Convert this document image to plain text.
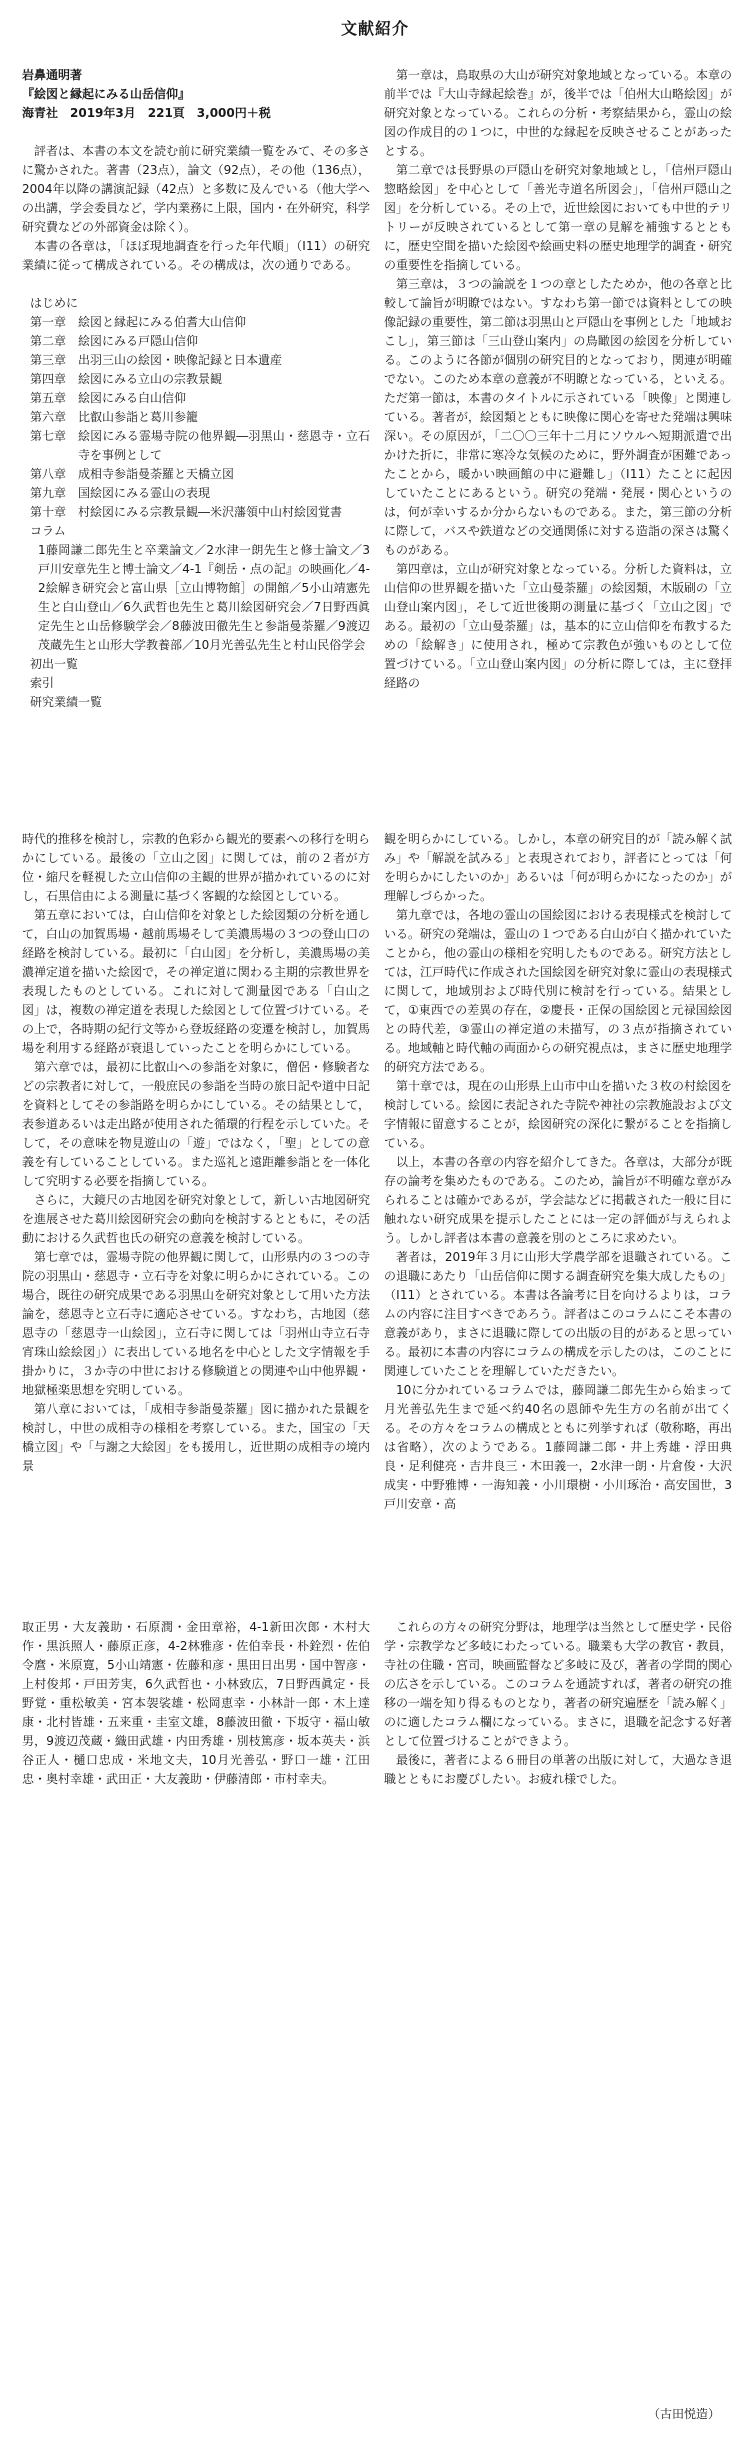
文献紹介

岩鼻通明著

『絵図と縁起にみる山岳信仰』

海青社　2019年3月　221頁　3,000円＋税

評者は、本書の本文を読む前に研究業績一覧をみて、その多さに驚かされた。著書（23点），論文（92点），その他（136点），2004年以降の講演記録（42点）と多数に及んでいる（他大学への出講，学会委員など，学内業務に上限，国内・在外研究，科学研究費などの外部資金は除く）。

本書の各章は，「ほぼ現地調査を行った年代順」（Ⅰ11）の研究業績に従って構成されている。その構成は，次の通りである。

はじめに
第一章 絵図と縁起にみる伯耆大山信仰
第二章 絵図にみる戸隠山信仰
第三章 出羽三山の絵図・映像記録と日本遺産
第四章 絵図にみる立山の宗教景観
第五章 絵図にみる白山信仰
第六章 比叡山参詣と葛川参籠
第七章 絵図にみる霊場寺院の他界観―羽黒山・慈恩寺・立石寺を事例として
第八章 成相寺参詣曼荼羅と天橋立図
第九章 国絵図にみる霊山の表現
第十章 村絵図にみる宗教景観―米沢藩領中山村絵図覚書
コラム
1藤岡謙二郎先生と卒業論文／2水津一朗先生と修士論文／3戸川安章先生と博士論文／4-1『剣岳・点の記』の映画化／4-2絵解き研究会と富山県［立山博物館］の開館／5小山靖憲先生と白山登山／6久武哲也先生と葛川絵図研究会／7日野西眞定先生と山岳修験学会／8藤波田徹先生と参詣曼荼羅／9渡辺茂蔵先生と山形大学教養部／10月光善弘先生と村山民俗学会
初出一覧
索引
研究業績一覧

第一章は，鳥取県の大山が研究対象地域となっている。本章の前半では『大山寺縁起絵巻』が，後半では「伯州大山略絵図」が研究対象となっている。これらの分析・考察結果から，霊山の絵図の作成目的の１つに，中世的な縁起を反映させることがあったとする。

第二章では長野県の戸隠山を研究対象地域とし，「信州戸隠山惣略絵図」を中心として「善光寺道名所図会」，「信州戸隠山之図」を分析している。その上で，近世絵図においても中世的テリトリーが反映されているとして第一章の見解を補強するとともに，歴史空間を描いた絵図や絵画史料の歴史地理学的調査・研究の重要性を指摘している。

第三章は，３つの論説を１つの章としたためか，他の各章と比較して論旨が明瞭ではない。すなわち第一節では資料としての映像記録の重要性，第二節は羽黒山と戸隠山を事例とした「地域おこし」，第三節は「三山登山案内」の鳥瞰図の絵図を分析している。このように各節が個別の研究目的となっており，関連が明確でない。このため本章の意義が不明瞭となっている，といえる。ただ第一節は，本書のタイトルに示されている「映像」と関連している。著者が，絵図類とともに映像に関心を寄せた発端は興味深い。その原因が，「二〇〇三年十二月にソウルへ短期派遣で出かけた折に，非常に寒冷な気候のために，野外調査が困難であったことから，暖かい映画館の中に避難し」（Ⅰ11）たことに起因していたことにあるという。研究の発端・発展・関心というのは，何が幸いするか分からないものである。また，第三節の分析に際して，バスや鉄道などの交通関係に対する造詣の深さは驚くものがある。

第四章は，立山が研究対象となっている。分析した資料は，立山信仰の世界観を描いた「立山曼荼羅」の絵図類，木版刷の「立山登山案内図」，そして近世後期の測量に基づく「立山之図」である。最初の「立山曼荼羅」は，基本的に立山信仰を布教するための「絵解き」に使用され，極めて宗教色が強いものとして位置づけている。「立山登山案内図」の分析に際しては，主に登拝経路の

時代的推移を検討し，宗教的色彩から観光的要素への移行を明らかにしている。最後の「立山之図」に関しては，前の２者が方位・縮尺を軽視した立山信仰の主観的世界が描かれているのに対し，石黒信由による測量に基づく客観的な絵図としている。

第五章においては，白山信仰を対象とした絵図類の分析を通して，白山の加賀馬場・越前馬場そして美濃馬場の３つの登山口の経路を検討している。最初に「白山図」を分析し，美濃馬場の美濃禅定道を描いた絵図で，その禅定道に関わる主期的宗教世界を表現したものとしている。これに対して測量図である「白山之図」は，複数の禅定道を表現した絵図として位置づけている。その上で，各時期の紀行文等から登坂経路の変遷を検討し，加賀馬場を利用する経路が衰退していったことを明らかにしている。

第六章では，最初に比叡山への参詣を対象に，僧侶・修験者などの宗教者に対して，一般庶民の参詣を当時の旅日記や道中日記を資料としてその参詣路を明らかにしている。その結果として，表参道あるいは走出路が使用された循環的行程を示していた。そして，その意味を物見遊山の「遊」ではなく，「聖」としての意義を有していることしている。また巡礼と遠距離参詣とを一体化して究明する必要を指摘している。

さらに，大鏡尺の古地図を研究対象として，新しい古地図研究を進展させた葛川絵図研究会の動向を検討するとともに，その活動における久武哲也氏の研究の意義を検討している。

第七章では，霊場寺院の他界観に関して，山形県内の３つの寺院の羽黒山・慈恩寺・立石寺を対象に明らかにされている。この場合，既往の研究成果である羽黒山を研究対象として用いた方法論を，慈恩寺と立石寺に適応させている。すなわち，古地図（慈恩寺の「慈恩寺一山絵図」，立石寺に関しては「羽州山寺立石寺宵珠山絵絵図」）に表出している地名を中心とした文字情報を手掛かりに，３か寺の中世における修験道との関連や山中他界観・地獄極楽思想を究明している。

第八章においては，「成相寺参詣曼荼羅」図に描かれた景観を検討し，中世の成相寺の様相を考察している。また，国宝の「天橋立図」や「与謝之大絵図」をも援用し，近世期の成相寺の境内景

観を明らかにしている。しかし，本章の研究目的が「読み解く試み」や「解説を試みる」と表現されており，評者にとっては「何を明らかにしたいのか」あるいは「何が明らかになったのか」が理解しづらかった。

第九章では，各地の霊山の国絵図における表現様式を検討している。研究の発端は，霊山の１つである白山が白く描かれていたことから，他の霊山の様相を究明したものである。研究方法としては，江戸時代に作成された国絵図を研究対象に霊山の表現様式に関して，地域別および時代別に検討を行っている。結果として，①東西での差異の存在，②慶長・正保の国絵図と元禄国絵図との時代差，③霊山の禅定道の未描写，の３点が指摘されている。地域軸と時代軸の両面からの研究視点は，まさに歴史地理学的研究方法である。

第十章では，現在の山形県上山市中山を描いた３枚の村絵図を検討している。絵図に表記された寺院や神社の宗教施設および文字情報に留意することが，絵図研究の深化に繋がることを指摘している。

以上，本書の各章の内容を紹介してきた。各章は，大部分が既存の論考を集めたものである。このため，論旨が不明確な章がみられることは確かであるが，学会誌などに掲載された一般に目に触れない研究成果を提示したことには一定の評価が与えられよう。しかし評者は本書の意義を別のところに求めたい。

著者は，2019年３月に山形大学農学部を退職されている。この退職にあたり「山岳信仰に関する調査研究を集大成したもの」（Ⅰ11）とされている。本書は各論考に目を向けるよりは，コラムの内容に注目すべきであろう。評者はこのコラムにこそ本書の意義があり，まさに退職に際しての出版の目的があると思っている。最初に本書の内容にコラムの構成を示したのは，このことに関連していたことを理解していただきたい。

10に分かれているコラムでは，藤岡謙二郎先生から始まって月光善弘先生まで延べ約40名の恩師や先生方の名前が出てくる。その方々をコラムの構成とともに列挙すれば（敬称略，再出は省略），次のようである。1藤岡謙二郎・井上秀雄・浮田典良・足利健亮・吉井良三・木田義一，2水津一朗・片倉俊・大沢成実・中野雅博・一海知義・小川環樹・小川琢治・高安国世，3戸川安章・高

取正男・大友義助・石原潤・金田章裕，4-1新田次郎・木村大作・黒浜照人・藤原正彦，4-2林雅彦・佐伯幸長・朴銓烈・佐伯令麿・米原寛，5小山靖憲・佐藤和彦・黒田日出男・国中智彦・上村俊邦・戸田芳実，6久武哲也・小林致広，7日野西眞定・長野覚・重松敏美・宮本袈裟雄・松岡恵幸・小林計一郎・木上達康・北村皆雄・五来重・圭室文雄，8藤波田徹・下坂守・福山敏男，9渡辺茂蔵・織田武雄・内田秀雄・別枝篤彦・坂本英夫・浜谷正人・樋口忠成・米地文夫，10月光善弘・野口一雄・江田忠・奥村幸雄・武田正・大友義助・伊藤清郎・市村幸夫。

これらの方々の研究分野は，地理学は当然として歴史学・民俗学・宗教学など多岐にわたっている。職業も大学の教官・教員，寺社の住職・宮司，映画監督など多岐に及び，著者の学問的関心の広さを示している。このコラムを通読すれば，著者の研究の推移の一端を知り得るものとなり，著者の研究遍歴を「読み解く」のに適したコラム欄になっている。まさに，退職を記念する好著として位置づけることができよう。

最後に，著者による６冊目の単著の出版に対して，大過なき退職とともにお慶びしたい。お疲れ様でした。

（古田悦造）
